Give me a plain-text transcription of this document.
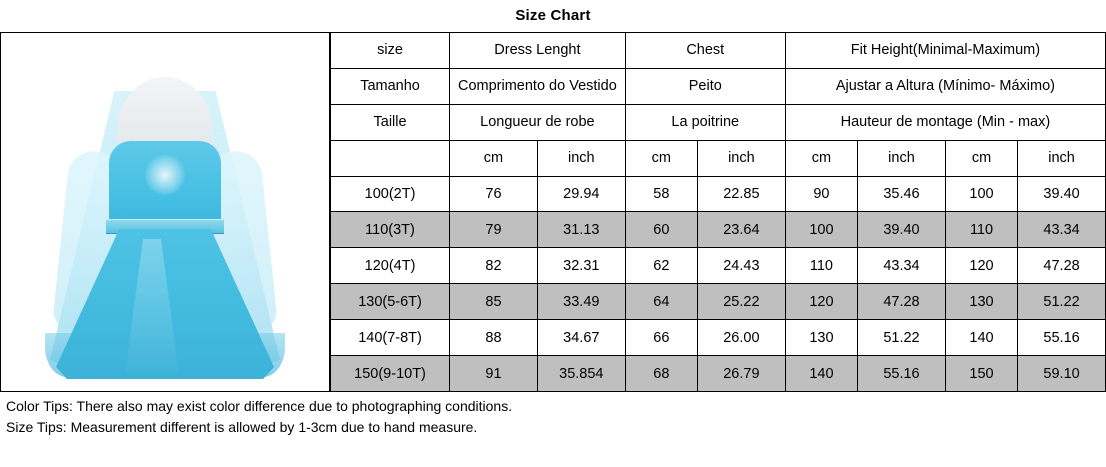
Size Chart
size	Dress Lenght		Chest		Fit Height(Minimal-Maximum)			
Tamanho	Comprimento do Vestido		Peito		Ajustar a Altura (Mínimo- Máximo)			
Taille	Longueur de robe		La poitrine		Hauteur de montage (Min - max)			
	cm	inch	cm	inch	cm	inch	cm	inch
100(2T)	76	29.94	58	22.85	90	35.46	100	39.40
110(3T)	79	31.13	60	23.64	100	39.40	110	43.34
120(4T)	82	32.31	62	24.43	110	43.34	120	47.28
130(5-6T)	85	33.49	64	25.22	120	47.28	130	51.22
140(7-8T)	88	34.67	66	26.00	130	51.22	140	55.16
150(9-10T)	91	35.854	68	26.79	140	55.16	150	59.10
Color Tips: There also may exist color difference due to photographing conditions.
Size Tips: Measurement different is allowed by 1-3cm due to hand measure.
